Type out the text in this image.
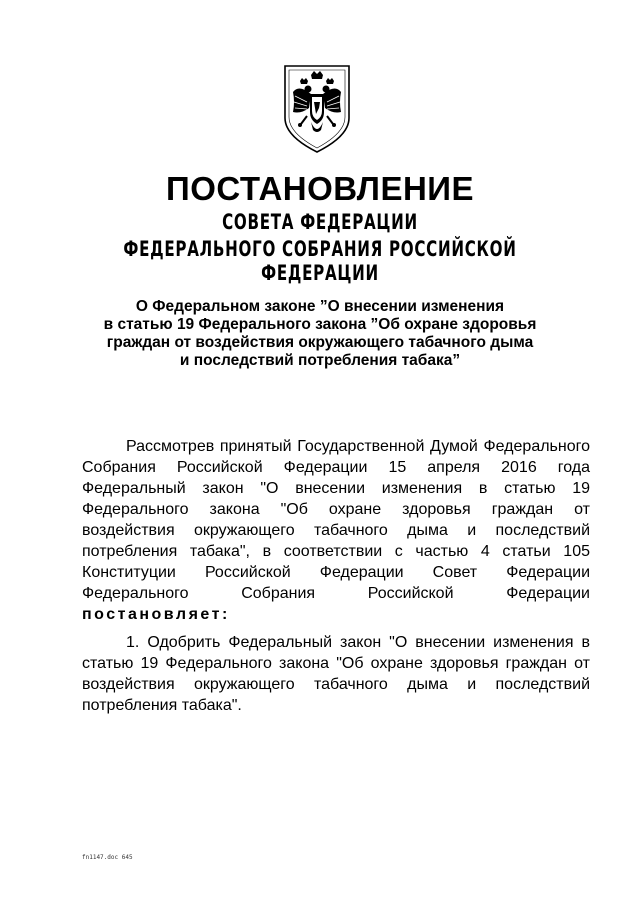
ПОСТАНОВЛЕНИЕ
СОВЕТА ФЕДЕРАЦИИ
ФЕДЕРАЛЬНОГО СОБРАНИЯ РОССИЙСКОЙ ФЕДЕРАЦИИ
О Федеральном законе ”О внесении изменения
в статью 19 Федерального закона ”Об охране здоровья
граждан от воздействия окружающего табачного дыма
и последствий потребления табака”
Рассмотрев принятый Государственной Думой Федерального
Собрания Российской Федерации 15 апреля 2016 года
Федеральный закон "О внесении изменения в статью 19
Федерального закона "Об охране здоровья граждан от
воздействия окружающего табачного дыма и последствий
потребления табака", в соответствии с частью 4 статьи 105
Конституции Российской Федерации Совет Федерации
Федерального Собрания Российской Федерации
постановляет:
1. Одобрить Федеральный закон "О внесении изменения в
статью 19 Федерального закона "Об охране здоровья граждан от
воздействия окружающего табачного дыма и последствий
потребления табака".
fn1147.doc 645
